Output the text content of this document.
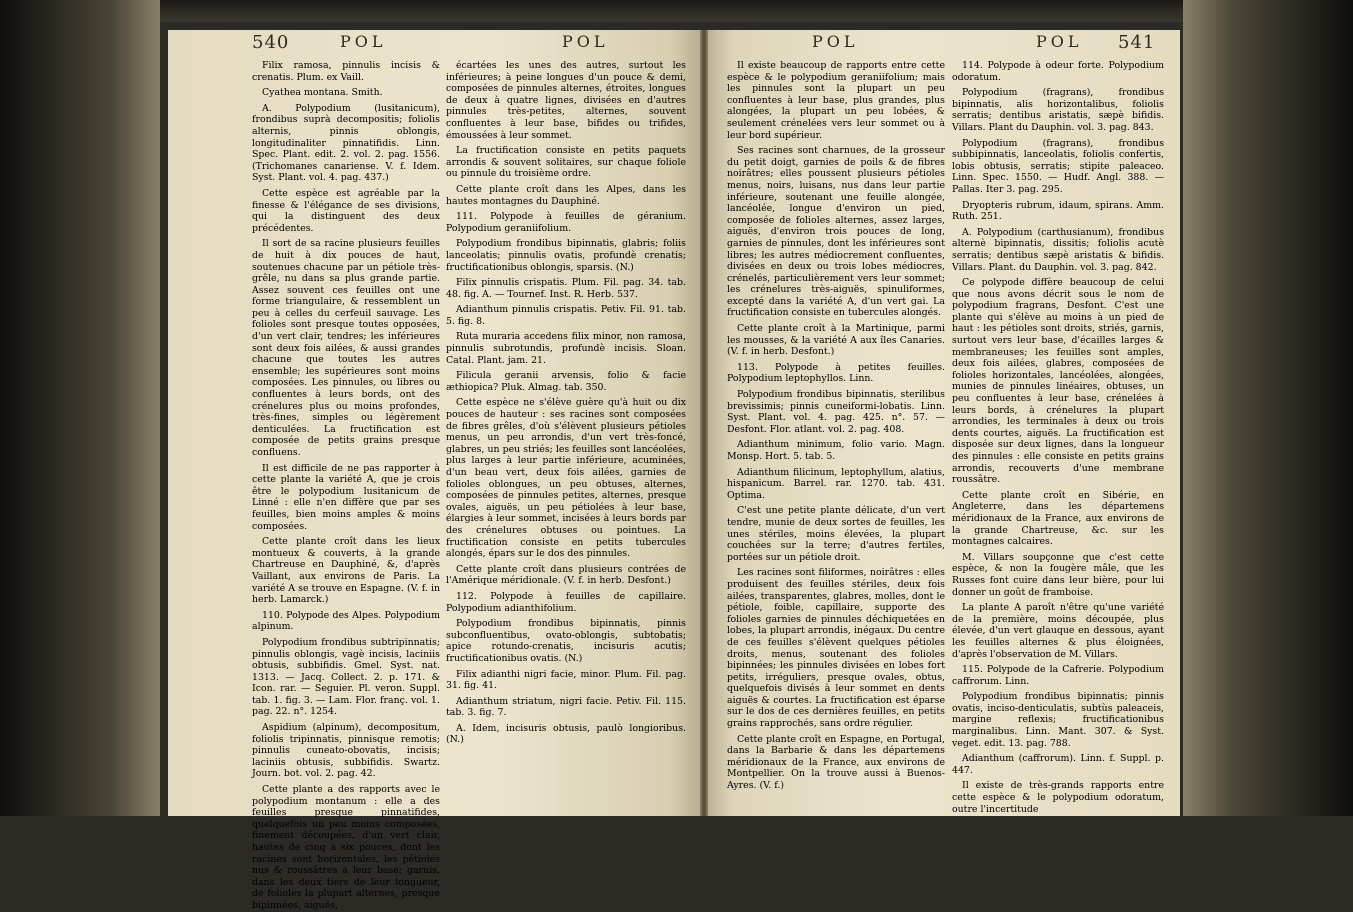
540	POL	POL	POL	POL 541

Filix ramosa, pinnulis incisis & crenatis. Plum. ex Vaill.

Cyathea montana. Smith.

A. Polypodium (lusitanicum), frondibus suprà decompositis; foliolis alternis, pinnis oblongis, longitudinaliter pinnatifidis. Linn. Spec. Plant. edit. 2. vol. 2. pag. 1556. (Trichomanes canariense. V. f. Idem. Syst. Plant. vol. 4. pag. 437.)

Cette espèce est agréable par la finesse & l'élégance de ses divisions, qui la distinguent des deux précédentes.

Il sort de sa racine plusieurs feuilles de huit à dix pouces de haut, soutenues chacune par un pétiole très-grêle, nu dans sa plus grande partie. Assez souvent ces feuilles ont une forme triangulaire, & ressemblent un peu à celles du cerfeuil sauvage. Les folioles sont presque toutes opposées, d'un vert clair, tendres; les inférieures sont deux fois ailées, & aussi grandes chacune que toutes les autres ensemble; les supérieures sont moins composées. Les pinnules, ou libres ou confluentes à leurs bords, ont des crénelures plus ou moins profondes, très-fines, simples ou légèrement denticulées. La fructification est composée de petits grains presque confluens.

Il est difficile de ne pas rapporter à cette plante la variété A, que je crois être le polypodium lusitanicum de Linné : elle n'en diffère que par ses feuilles, bien moins amples & moins composées.

Cette plante croît dans les lieux montueux & couverts, à la grande Chartreuse en Dauphiné, &, d'après Vaillant, aux environs de Paris. La variété A se trouve en Espagne. (V. f. in herb. Lamarck.)

110. Polypode des Alpes. Polypodium alpinum.

Polypodium frondibus subtripinnatis; pinnulis oblongis, vagè incisis, laciniis obtusis, subbifidis. Gmel. Syst. nat. 1313. — Jacq. Collect. 2. p. 171. & Icon. rar. — Seguier. Pl. veron. Suppl. tab. 1. fig. 3. — Lam. Flor. franç. vol. 1. pag. 22. n°. 1254.

Aspidium (alpinum), decompositum, foliolis tripinnatis, pinnisque remotis; pinnulis cuneato-obovatis, incisis; laciniis obtusis, subbifidis. Swartz. Journ. bot. vol. 2. pag. 42.

Cette plante a des rapports avec le polypodium montanum : elle a des feuilles presque pinnatifides, quelquefois un peu moins composées, finement découpées, d'un vert clair, hautes de cinq à six pouces, dont les racines sont horizontales, les pétioles nus & roussâtres à leur base; garnis, dans les deux tiers de leur longueur, de folioles la plupart alternes, presque bipinnées, aiguës,

écartées les unes des autres, surtout les inférieures; à peine longues d'un pouce & demi, composées de pinnules alternes, étroites, longues de deux à quatre lignes, divisées en d'autres pinnules très-petites, alternes, souvent confluentes à leur base, bifides ou trifides, émoussées à leur sommet.

La fructification consiste en petits paquets arrondis & souvent solitaires, sur chaque foliole ou pinnule du troisième ordre.

Cette plante croît dans les Alpes, dans les hautes montagnes du Dauphiné.

111. Polypode à feuilles de géranium. Polypodium geraniifolium.

Polypodium frondibus bipinnatis, glabris; foliis lanceolatis; pinnulis ovatis, profundè crenatis; fructificationibus oblongis, sparsis. (N.)

Filix pinnulis crispatis. Plum. Fil. pag. 34. tab. 48. fig. A. — Tournef. Inst. R. Herb. 537.

Adianthum pinnulis crispatis. Petiv. Fil. 91. tab. 5. fig. 8.

Ruta muraria accedens filix minor, non ramosa, pinnulis subrotundis, profundè incisis. Sloan. Catal. Plant. jam. 21.

Filicula geranii arvensis, folio & facie æthiopica? Pluk. Almag. tab. 350.

Cette espèce ne s'élève guère qu'à huit ou dix pouces de hauteur : ses racines sont composées de fibres grêles, d'où s'élèvent plusieurs pétioles menus, un peu arrondis, d'un vert très-foncé, glabres, un peu striés; les feuilles sont lancéolées, plus larges à leur partie inférieure, acuminées, d'un beau vert, deux fois ailées, garnies de folioles oblongues, un peu obtuses, alternes, composées de pinnules petites, alternes, presque ovales, aiguës, un peu pétiolées à leur base, élargies à leur sommet, incisées à leurs bords par des crénelures obtuses ou pointues. La fructification consiste en petits tubercules alongés, épars sur le dos des pinnules.

Cette plante croît dans plusieurs contrées de l'Amérique méridionale. (V. f. in herb. Desfont.)

112. Polypode à feuilles de capillaire. Polypodium adianthifolium.

Polypodium frondibus bipinnatis, pinnis subconfluentibus, ovato-oblongis, subtobatis; apice rotundo-crenatis, incisuris acutis; fructificationibus ovatis. (N.)

Filix adianthi nigri facie, minor. Plum. Fil. pag. 31. fig. 41.

Adianthum striatum, nigri facie. Petiv. Fil. 115. tab. 3. fig. 7.

A. Idem, incisuris obtusis, paulò longioribus. (N.)

Il existe beaucoup de rapports entre cette espèce & le polypodium geraniifolium; mais les pinnules sont la plupart un peu confluentes à leur base, plus grandes, plus alongées, la plupart un peu lobées, & seulement crénelées vers leur sommet ou à leur bord supérieur.

Ses racines sont charnues, de la grosseur du petit doigt, garnies de poils & de fibres noirâtres; elles poussent plusieurs pétioles menus, noirs, luisans, nus dans leur partie inférieure, soutenant une feuille alongée, lancéolée, longue d'environ un pied, composée de folioles alternes, assez larges, aiguës, d'environ trois pouces de long, garnies de pinnules, dont les inférieures sont libres; les autres médiocrement confluentes, divisées en deux ou trois lobes médiocres, crénelés, particulièrement vers leur sommet; les crénelures très-aiguës, spinuliformes, excepté dans la variété A, d'un vert gai. La fructification consiste en tubercules alongés.

Cette plante croît à la Martinique, parmi les mousses, & la variété A aux îles Canaries. (V. f. in herb. Desfont.)

113. Polypode à petites feuilles. Polypodium leptophyllos. Linn.

Polypodium frondibus bipinnatis, sterilibus brevissimis; pinnis cuneiformi-lobatis. Linn. Syst. Plant. vol. 4. pag. 425. n°. 57. — Desfont. Flor. atlant. vol. 2. pag. 408.

Adianthum minimum, folio vario. Magn. Monsp. Hort. 5. tab. 5.

Adianthum filicinum, leptophyllum, alatius, hispanicum. Barrel. rar. 1270. tab. 431. Optima.

C'est une petite plante délicate, d'un vert tendre, munie de deux sortes de feuilles, les unes stériles, moins élevées, la plupart couchées sur la terre; d'autres fertiles, portées sur un pétiole droit.

Les racines sont filiformes, noirâtres : elles produisent des feuilles stériles, deux fois ailées, transparentes, glabres, molles, dont le pétiole, foible, capillaire, supporte des folioles garnies de pinnules déchiquetées en lobes, la plupart arrondis, inégaux. Du centre de ces feuilles s'élèvent quelques pétioles droits, menus, soutenant des folioles bipinnées; les pinnules divisées en lobes fort petits, irréguliers, presque ovales, obtus, quelquefois divisés à leur sommet en dents aiguës & courtes. La fructification est éparse sur le dos de ces dernières feuilles, en petits grains rapprochés, sans ordre régulier.

Cette plante croît en Espagne, en Portugal, dans la Barbarie & dans les départemens méridionaux de la France, aux environs de Montpellier. On la trouve aussi à Buenos-Ayres. (V. f.)

114. Polypode à odeur forte. Polypodium odoratum.

Polypodium (fragrans), frondibus bipinnatis, alis horizontalibus, foliolis serratis; dentibus aristatis, sæpè bifidis. Villars. Plant du Dauphin. vol. 3. pag. 843.

Polypodium (fragrans), frondibus subbipinnatis, lanceolatis, foliolis confertis, lobis obtusis, serratis; stipite paleaceo. Linn. Spec. 1550. — Hudf. Angl. 388. — Pallas. Iter 3. pag. 295.

Dryopteris rubrum, idaum, spirans. Amm. Ruth. 251.

A. Polypodium (carthusianum), frondibus alternè bipinnatis, dissitis; foliolis acutè serratis; dentibus sæpè aristatis & bifidis. Villars. Plant. du Dauphin. vol. 3. pag. 842.

Ce polypode diffère beaucoup de celui que nous avons décrit sous le nom de polypodium fragrans, Desfont. C'est une plante qui s'élève au moins à un pied de haut : les pétioles sont droits, striés, garnis, surtout vers leur base, d'écailles larges & membraneuses; les feuilles sont amples, deux fois ailées, glabres, composées de folioles horizontales, lancéolées, alongées, munies de pinnules linéaires, obtuses, un peu confluentes à leur base, crénelées à leurs bords, à crénelures la plupart arrondies, les terminales à deux ou trois dents courtes, aiguës. La fructification est disposée sur deux lignes, dans la longueur des pinnules : elle consiste en petits grains arrondis, recouverts d'une membrane roussâtre.

Cette plante croît en Sibérie, en Angleterre, dans les départemens méridionaux de la France, aux environs de la grande Chartreuse, &c. sur les montagnes calcaires.

M. Villars soupçonne que c'est cette espèce, & non la fougère mâle, que les Russes font cuire dans leur bière, pour lui donner un goût de framboise.

La plante A paroît n'être qu'une variété de la première, moins découpée, plus élevée, d'un vert glauque en dessous, ayant les feuilles alternes & plus éloignées, d'après l'observation de M. Villars.

115. Polypode de la Cafrerie. Polypodium caffrorum. Linn.

Polypodium frondibus bipinnatis; pinnis ovatis, inciso-denticulatis, subtùs paleaceis, margine reflexis; fructificationibus marginalibus. Linn. Mant. 307. & Syst. veget. edit. 13. pag. 788.

Adianthum (caffrorum). Linn. f. Suppl. p. 447.

Il existe de très-grands rapports entre cette espèce & le polypodium odoratum, outre l'incertitude
